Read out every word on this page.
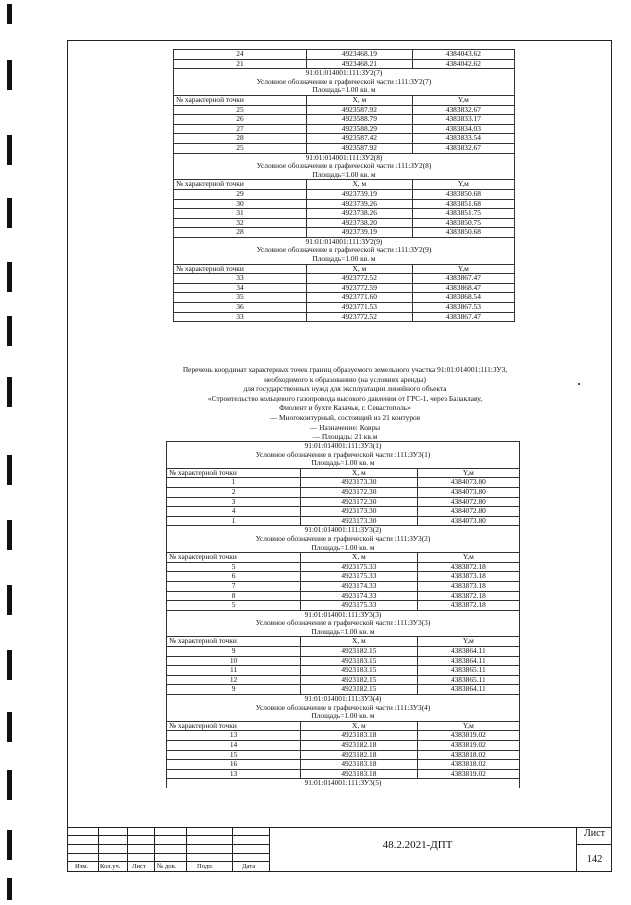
24	4923468.19	4384043.62
21	4923468.21	4384042.62
91:01:014001:111:ЗУ2(7)		
Условное обозначение в графической части :111:ЗУ2(7)		
Площадь=1.00 кв. м		
№ характерной точки	X, м	Y,м
25	4923587.92	4383832.67
26	4923588.79	4383833.17
27	4923588.29	4383834.03
28	4923587.42	4383833.54
25	4923587.92	4383832.67
91:01:014001:111:ЗУ2(8)		
Условное обозначение в графической части :111:ЗУ2(8)		
Площадь=1.00 кв. м		
№ характерной точки	X, м	Y,м
29	4923739.19	4383850.68
30	4923739.26	4383851.68
31	4923738.26	4383851.75
32	4923738.20	4383850.75
28	4923739.19	4383850.68
91:01:014001:111:ЗУ2(9)		
Условное обозначение в графической части :111:ЗУ2(9)		
Площадь=1.00 кв. м		
№ характерной точки	X, м	Y,м
33	4923772.52	4383867.47
34	4923772.59	4383868.47
35	4923771.60	4383868.54
36	4923771.53	4383867.53
33	4923772.52	4383867.47
Перечень координат характерных точек границ образуемого земельного участка 91:01:014001:111:ЗУ3,
необходимого к образованию (на условиях аренды)
для государственных нужд для эксплуатации линейного объекта
«Строительство кольцевого газопровода высокого давления от ГРС-1, через Балаклаву,
Фиолент и бухте Казачья, г. Севастополь»
— Многоконтурный, состоящий из 21 контуров
— Назначение: Ковры
— Площадь: 21 кв.м
91:01:014001:111:ЗУ3(1)		
Условное обозначение в графической части :111:ЗУ3(1)		
Площадь=1.00 кв. м		
№ характерной точки	X, м	Y,м
1	4923173.30	4384073.80
2	4923172.30	4384073.80
3	4923172.30	4384072.80
4	4923173.30	4384072.80
1	4923173.30	4384073.80
91:01:014001:111:ЗУ3(2)		
Условное обозначение в графической части :111:ЗУ3(2)		
Площадь=1.00 кв. м		
№ характерной точки	X, м	Y,м
5	4923175.33	4383872.18
6	4923175.33	4383873.18
7	4923174.33	4383873.18
8	4923174.33	4383872.18
5	4923175.33	4383872.18
91:01:014001:111:ЗУ3(3)		
Условное обозначение в графической части :111:ЗУ3(3)		
Площадь=1.00 кв. м		
№ характерной точки	X, м	Y,м
9	4923182.15	4383864.11
10	4923183.15	4383864.11
11	4923183.15	4383865.11
12	4923182.15	4383865.11
9	4923182.15	4383864.11
91:01:014001:111:ЗУ3(4)		
Условное обозначение в графической части :111:ЗУ3(4)		
Площадь=1.00 кв. м		
№ характерной точки	X, м	Y,м
13	4923183.18	4383819.02
14	4923182.18	4383819.02
15	4923182.18	4383818.02
16	4923183.18	4383818.02
13	4923183.18	4383819.02
91:01:014001:111:ЗУ3(5)		
Изм. Кол.уч. Лист № док.	Подп.	Дата
48.2.2021-ДПТ
Лист
142
